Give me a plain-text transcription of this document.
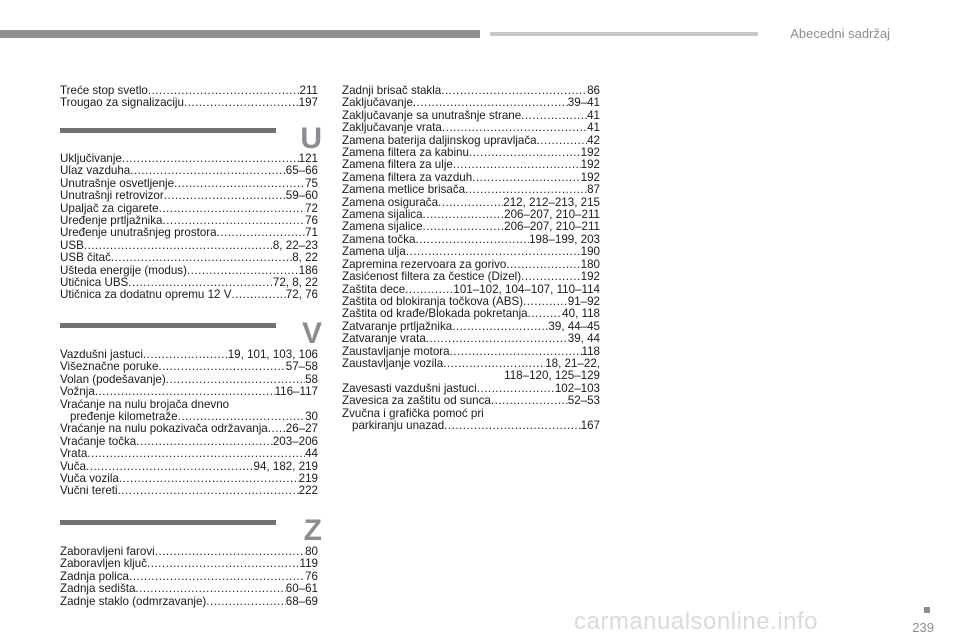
Abecedni sadržaj
Treće stop svetlo .....	211
Trougao za signalizaciju .....	197
U
Uključivanje .....	121
Ulaz vazduha .....	65–66
Unutrašnje osvetljenje .....	75
Unutrašnji retrovizor .....	59–60
Upaljač za cigarete .....	72
Uređenje prtljažnika .....	76
Uređenje unutrašnjeg prostora .....	71
USB .....	8, 22–23
USB čitač .....	8, 22
Ušteda energije (modus) .....	186
Utičnica UBS .....	72, 8, 22
Utičnica za dodatnu opremu 12 V .....	72, 76
V
Vazdušni jastuci .....	19, 101, 103, 106
Višeznačne poruke .....	57–58
Volan (podešavanje) .....	58
Vožnja .....	116–117
Vraćanje na nulu brojača dnevno
pređenje kilometraže .....	30
Vraćanje na nulu pokazivača održavanja ..... 26–27
Vraćanje točka .....	203–206
Vrata .....	44
Vuča .....	94, 182, 219
Vuča vozila .....	219
Vučni tereti .....	222
Z
Zaboravljeni farovi .....	80
Zaboravljen ključ .....	119
Zadnja polica .....	76
Zadnja sedišta .....	60–61
Zadnje staklo (odmrzavanje) .....	68–69
Zadnji brisač stakla .....	86
Zaključavanje .....	39–41
Zaključavanje sa unutrašnje strane .....	41
Zaključavanje vrata .....	41
Zamena baterija daljinskog upravljača .....	42
Zamena filtera za kabinu .....	192
Zamena filtera za ulje .....	192
Zamena filtera za vazduh .....	192
Zamena metlice brisača .....	87
Zamena osigurača .....	212, 212–213, 215
Zamena sijalica .....	206–207, 210–211
Zamena sijalice .....	206–207, 210–211
Zamena točka .....	198–199, 203
Zamena ulja .....	190
Zapremina rezervoara za gorivo .....	180
Zasićenost filtera za čestice (Dizel) .....	192
Zaštita dece .....	101–102, 104–107, 110–114
Zaštita od blokiranja točkova (ABS) .....	91–92
Zaštita od krađe/Blokada pokretanja .....	40, 118
Zatvaranje prtljažnika .....	39, 44–45
Zatvaranje vrata .....	39, 44
Zaustavljanje motora .....	118
Zaustavljanje vozila .....	18, 21–22,
118–120, 125–129
Zavesasti vazdušni jastuci .....	102–103
Zavesica za zaštitu od sunca .....	52–53
Zvučna i grafička pomoć pri
parkiranju unazad .....	167
239
carmanualsonline.info
